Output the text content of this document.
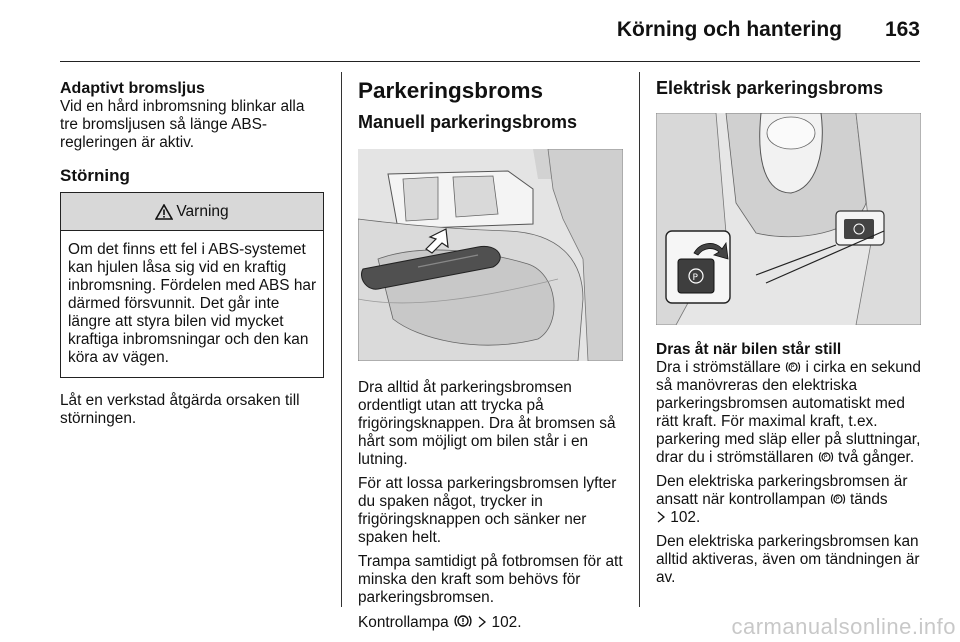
Körning och hantering 163
Adaptivt bromsljus
Vid en hård inbromsning blinkar alla tre bromsljusen så länge ABS-regleringen är aktiv.
Störning
Varning
Om det finns ett fel i ABS-systemet kan hjulen låsa sig vid en kraftig inbromsning. Fördelen med ABS har därmed försvunnit. Det går inte längre att styra bilen vid mycket kraftiga inbromsningar och den kan köra av vägen.
Låt en verkstad åtgärda orsaken till störningen.
Parkeringsbroms
Manuell parkeringsbroms
Dra alltid åt parkeringsbromsen ordentligt utan att trycka på frigöringsknappen. Dra åt bromsen så hårt som möjligt om bilen står i en lutning.
För att lossa parkeringsbromsen lyfter du spaken något, trycker in frigöringsknappen och sänker ner spaken helt.
Trampa samtidigt på fotbromsen för att minska den kraft som behövs för parkeringsbromsen.
Kontrollampa	102.
Elektrisk parkeringsbroms
P
Dras åt när bilen står still
Dra i strömställare P i cirka en sekund så manövreras den elektriska parkeringsbromsen automatiskt med rätt kraft. För maximal kraft, t.ex. parkering med släp eller på sluttningar, drar du i strömställaren P två gånger.
Den elektriska parkeringsbromsen är ansatt när kontrollampan P tänds
102.
Den elektriska parkeringsbromsen kan alltid aktiveras, även om tändningen är av.
carmanualsonline.info
